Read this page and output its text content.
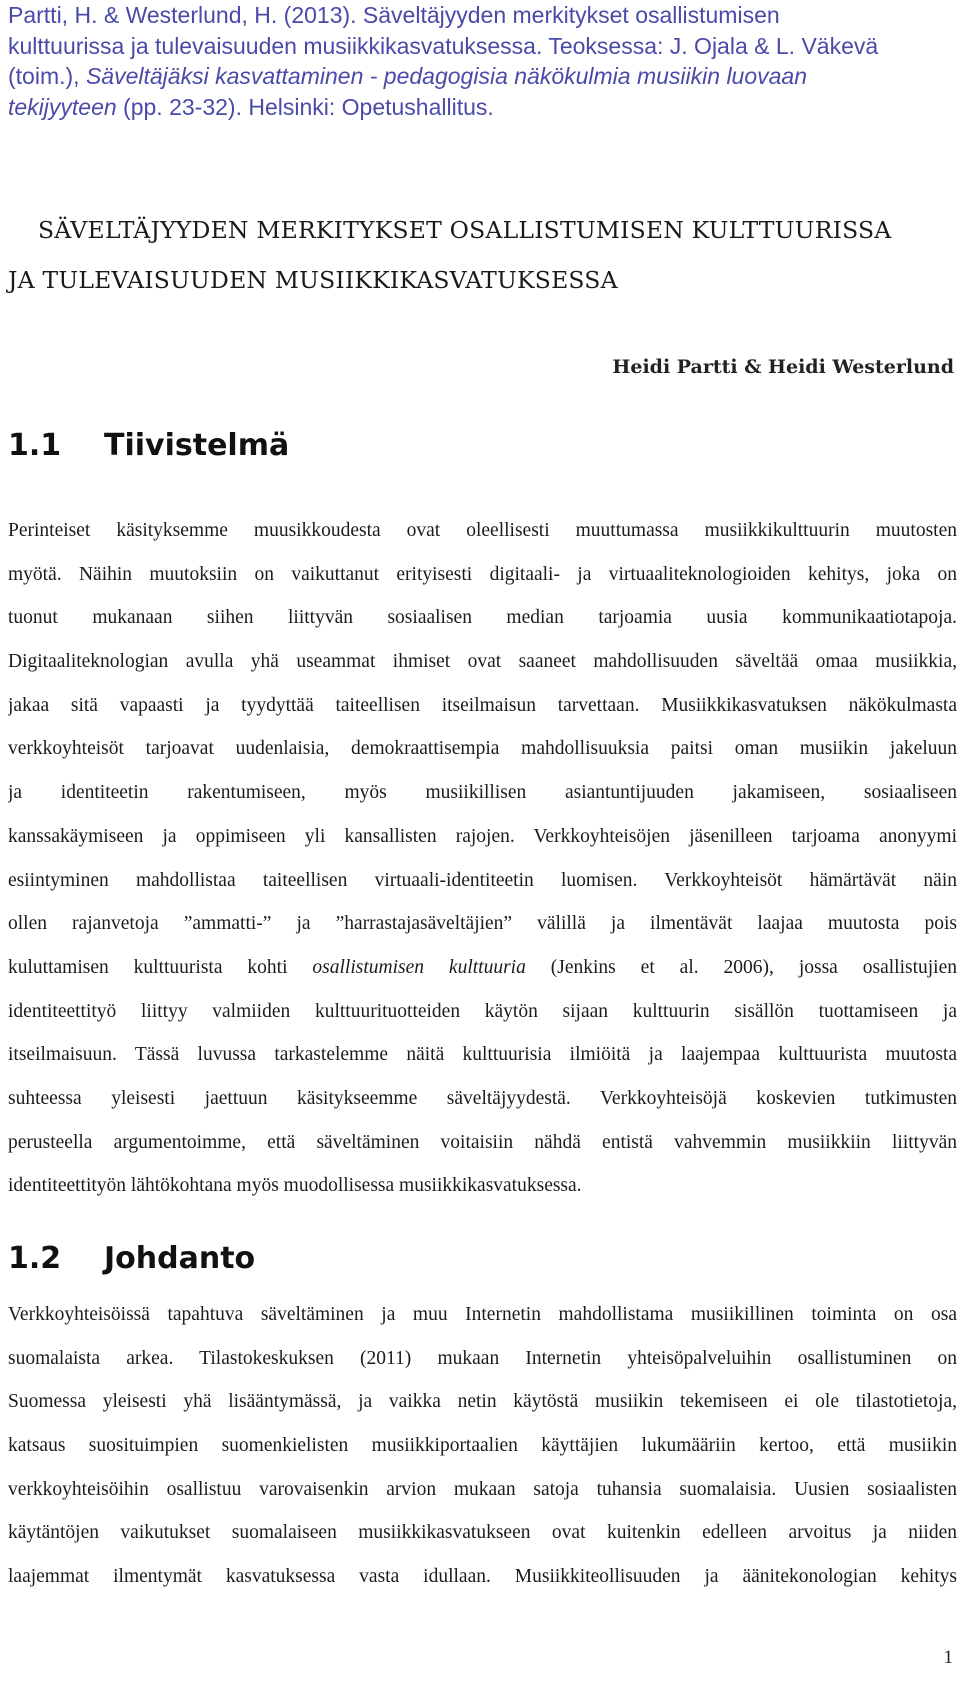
Partti, H. & Westerlund, H. (2013). Säveltäjyyden merkitykset osallistumisen
kulttuurissa ja tulevaisuuden musiikkikasvatuksessa. Teoksessa: J. Ojala & L. Väkevä
(toim.), Säveltäjäksi kasvattaminen - pedagogisia näkökulmia musiikin luovaan
tekijyyteen (pp. 23-32). Helsinki: Opetushallitus.
SÄVELTÄJYYDEN MERKITYKSET OSALLISTUMISEN KULTTUURISSA
JA TULEVAISUUDEN MUSIIKKIKASVATUKSESSA
Heidi Partti & Heidi Westerlund
1.1 Tiivistelmä
Perinteiset käsityksemme muusikkoudesta ovat oleellisesti muuttumassa musiikkikulttuurin muutosten
myötä. Näihin muutoksiin on vaikuttanut erityisesti digitaali- ja virtuaaliteknologioiden kehitys, joka on
tuonut mukanaan siihen liittyvän sosiaalisen median tarjoamia uusia kommunikaatiotapoja.
Digitaaliteknologian avulla yhä useammat ihmiset ovat saaneet mahdollisuuden säveltää omaa musiikkia,
jakaa sitä vapaasti ja tyydyttää taiteellisen itseilmaisun tarvettaan. Musiikkikasvatuksen näkökulmasta
verkkoyhteisöt tarjoavat uudenlaisia, demokraattisempia mahdollisuuksia paitsi oman musiikin jakeluun
ja identiteetin rakentumiseen, myös musiikillisen asiantuntijuuden jakamiseen, sosiaaliseen
kanssakäymiseen ja oppimiseen yli kansallisten rajojen. Verkkoyhteisöjen jäsenilleen tarjoama anonyymi
esiintyminen mahdollistaa taiteellisen virtuaali-identiteetin luomisen. Verkkoyhteisöt hämärtävät näin
ollen rajanvetoja ”ammatti-” ja ”harrastajasäveltäjien” välillä ja ilmentävät laajaa muutosta pois
kuluttamisen kulttuurista kohti osallistumisen kulttuuria (Jenkins et al. 2006), jossa osallistujien
identiteettityö liittyy valmiiden kulttuurituotteiden käytön sijaan kulttuurin sisällön tuottamiseen ja
itseilmaisuun. Tässä luvussa tarkastelemme näitä kulttuurisia ilmiöitä ja laajempaa kulttuurista muutosta
suhteessa yleisesti jaettuun käsitykseemme säveltäjyydestä. Verkkoyhteisöjä koskevien tutkimusten
perusteella argumentoimme, että säveltäminen voitaisiin nähdä entistä vahvemmin musiikkiin liittyvän
identiteettityön lähtökohtana myös muodollisessa musiikkikasvatuksessa.
1.2 Johdanto
Verkkoyhteisöissä tapahtuva säveltäminen ja muu Internetin mahdollistama musiikillinen toiminta on osa
suomalaista arkea. Tilastokeskuksen (2011) mukaan Internetin yhteisöpalveluihin osallistuminen on
Suomessa yleisesti yhä lisääntymässä, ja vaikka netin käytöstä musiikin tekemiseen ei ole tilastotietoja,
katsaus suosituimpien suomenkielisten musiikkiportaalien käyttäjien lukumääriin kertoo, että musiikin
verkkoyhteisöihin osallistuu varovaisenkin arvion mukaan satoja tuhansia suomalaisia. Uusien sosiaalisten
käytäntöjen vaikutukset suomalaiseen musiikkikasvatukseen ovat kuitenkin edelleen arvoitus ja niiden
laajemmat ilmentymät kasvatuksessa vasta idullaan. Musiikkiteollisuuden ja äänitekonologian kehitys
1
